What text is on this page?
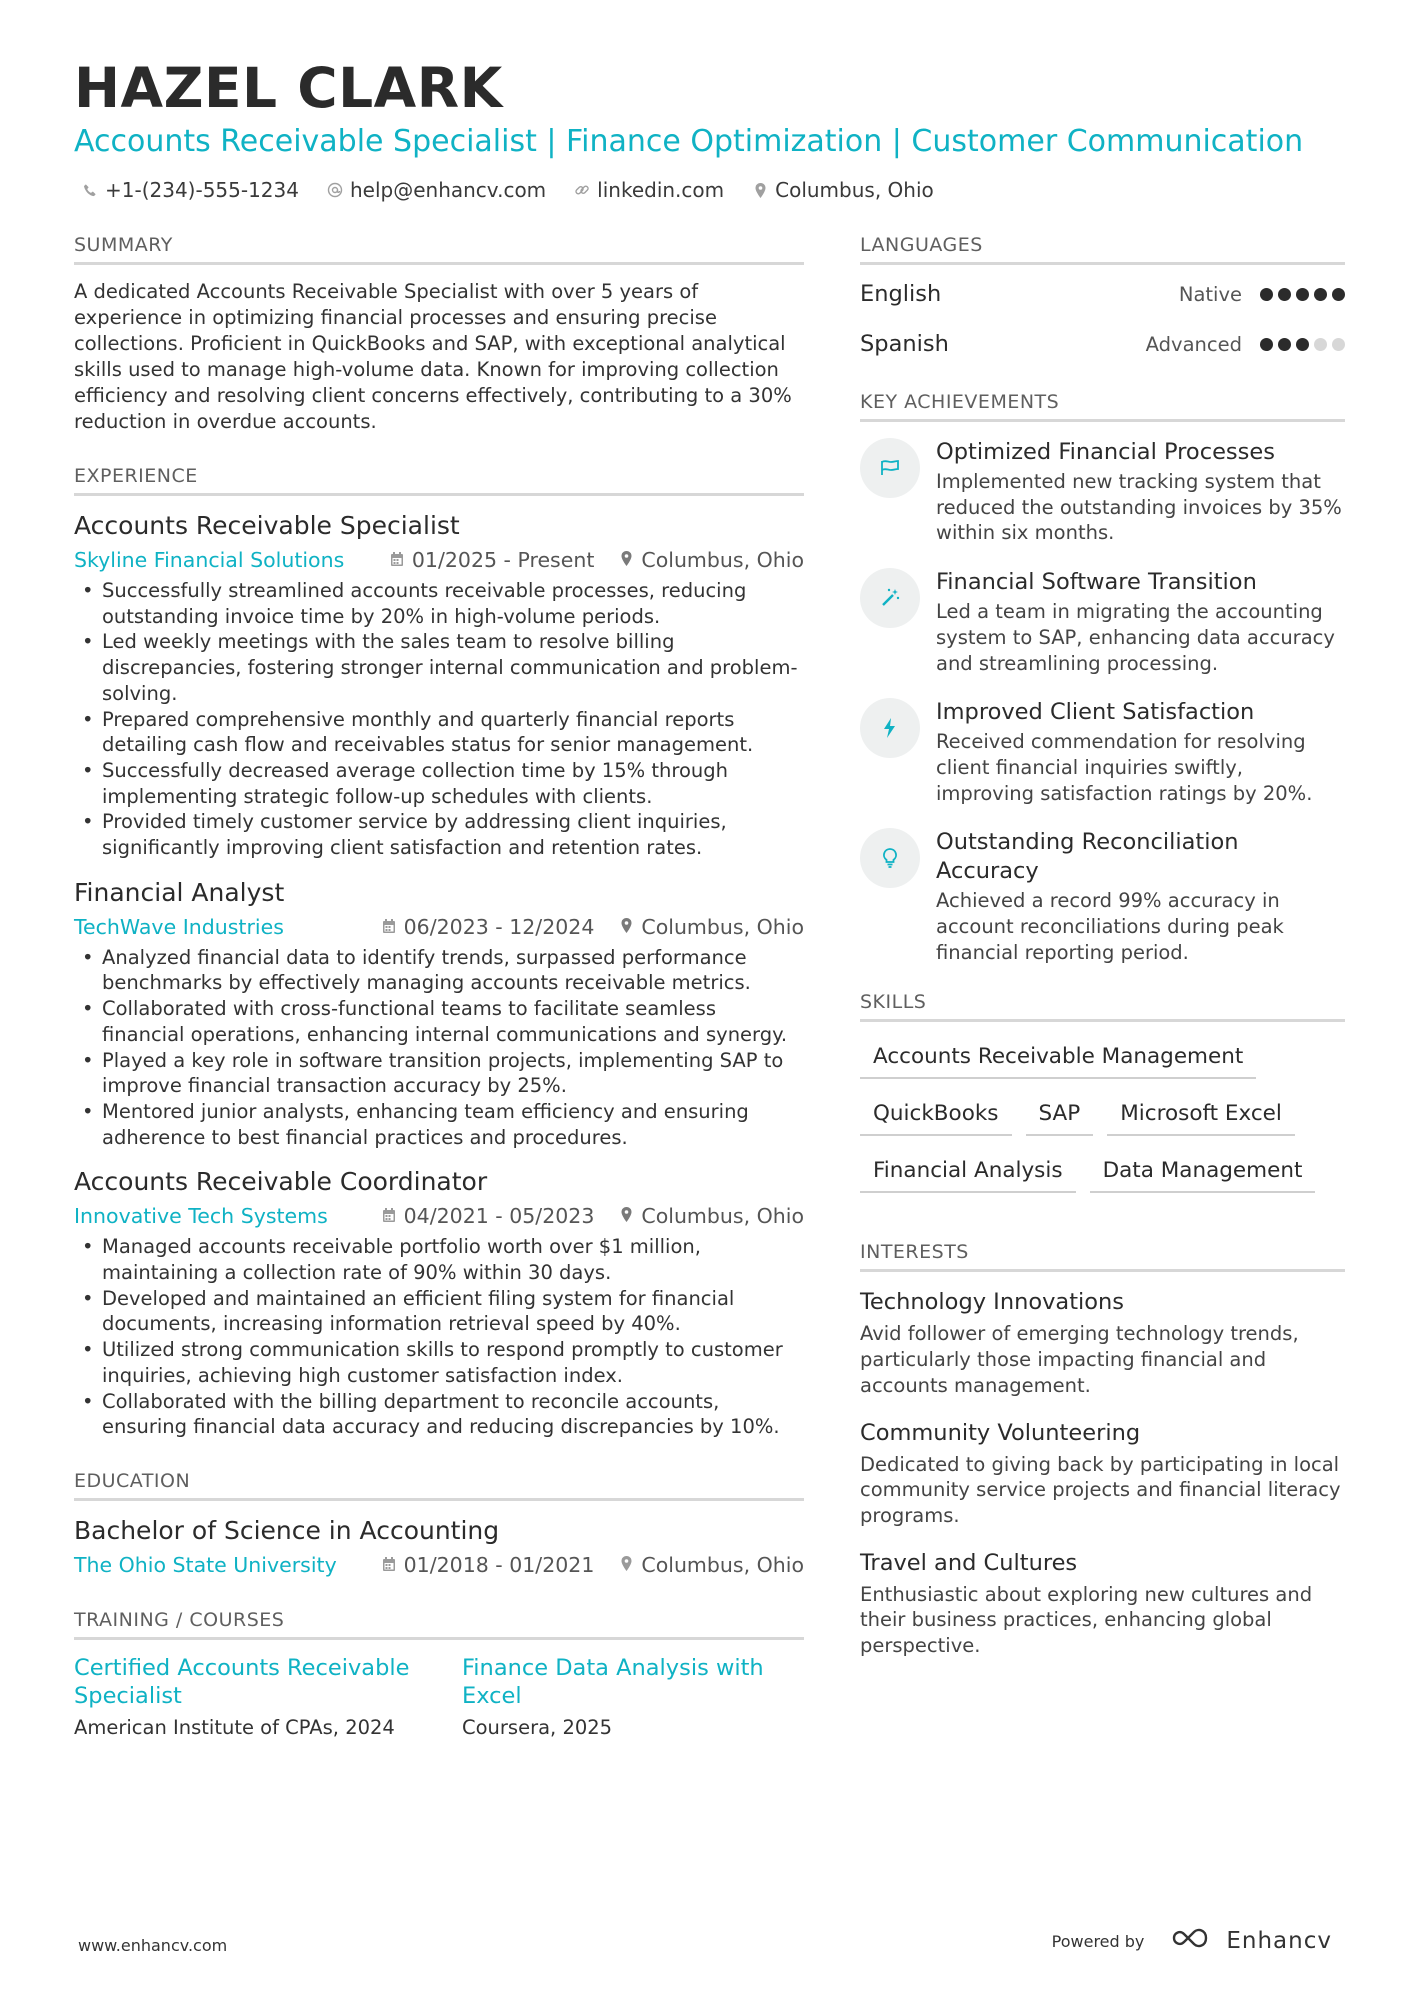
HAZEL CLARK
Accounts Receivable Specialist | Finance Optimization | Customer Communication
+1-(234)-555-1234	help@enhancv.com	linkedin.com	Columbus, Ohio
SUMMARY
A dedicated Accounts Receivable Specialist with over 5 years of experience in optimizing financial processes and ensuring precise collections. Proficient in QuickBooks and SAP, with exceptional analytical skills used to manage high-volume data. Known for improving collection efficiency and resolving client concerns effectively, contributing to a 30% reduction in overdue accounts.
EXPERIENCE
Accounts Receivable Specialist
Skyline Financial Solutions	01/2025 - Present Columbus, Ohio
• Successfully streamlined accounts receivable processes, reducing outstanding invoice time by 20% in high-volume periods.
• Led weekly meetings with the sales team to resolve billing discrepancies, fostering stronger internal communication and problem-solving.
• Prepared comprehensive monthly and quarterly financial reports detailing cash flow and receivables status for senior management.
• Successfully decreased average collection time by 15% through implementing strategic follow-up schedules with clients.
• Provided timely customer service by addressing client inquiries, significantly improving client satisfaction and retention rates.
Financial Analyst
TechWave Industries	06/2023 - 12/2024 Columbus, Ohio
• Analyzed financial data to identify trends, surpassed performance benchmarks by effectively managing accounts receivable metrics.
• Collaborated with cross-functional teams to facilitate seamless financial operations, enhancing internal communications and synergy.
• Played a key role in software transition projects, implementing SAP to improve financial transaction accuracy by 25%.
• Mentored junior analysts, enhancing team efficiency and ensuring adherence to best financial practices and procedures.
Accounts Receivable Coordinator
Innovative Tech Systems	04/2021 - 05/2023 Columbus, Ohio
• Managed accounts receivable portfolio worth over $1 million, maintaining a collection rate of 90% within 30 days.
• Developed and maintained an efficient filing system for financial documents, increasing information retrieval speed by 40%.
• Utilized strong communication skills to respond promptly to customer inquiries, achieving high customer satisfaction index.
• Collaborated with the billing department to reconcile accounts, ensuring financial data accuracy and reducing discrepancies by 10%.
EDUCATION
Bachelor of Science in Accounting
The Ohio State University	01/2018 - 01/2021 Columbus, Ohio
TRAINING / COURSES
Certified Accounts Receivable Specialist
American Institute of CPAs, 2024
Finance Data Analysis with Excel
Coursera, 2025
LANGUAGES
English	Native
Spanish	Advanced
KEY ACHIEVEMENTS
Optimized Financial Processes
Implemented new tracking system that reduced the outstanding invoices by 35% within six months.
Financial Software Transition
Led a team in migrating the accounting system to SAP, enhancing data accuracy and streamlining processing.
Improved Client Satisfaction
Received commendation for resolving client financial inquiries swiftly, improving satisfaction ratings by 20%.
Outstanding Reconciliation Accuracy
Achieved a record 99% accuracy in account reconciliations during peak financial reporting period.
SKILLS
Accounts Receivable Management
QuickBooks	SAP	Microsoft Excel
Financial Analysis	Data Management
INTERESTS
Technology Innovations
Avid follower of emerging technology trends, particularly those impacting financial and accounts management.
Community Volunteering
Dedicated to giving back by participating in local community service projects and financial literacy programs.
Travel and Cultures
Enthusiastic about exploring new cultures and their business practices, enhancing global perspective.
www.enhancv.com	Powered by	Enhancv
